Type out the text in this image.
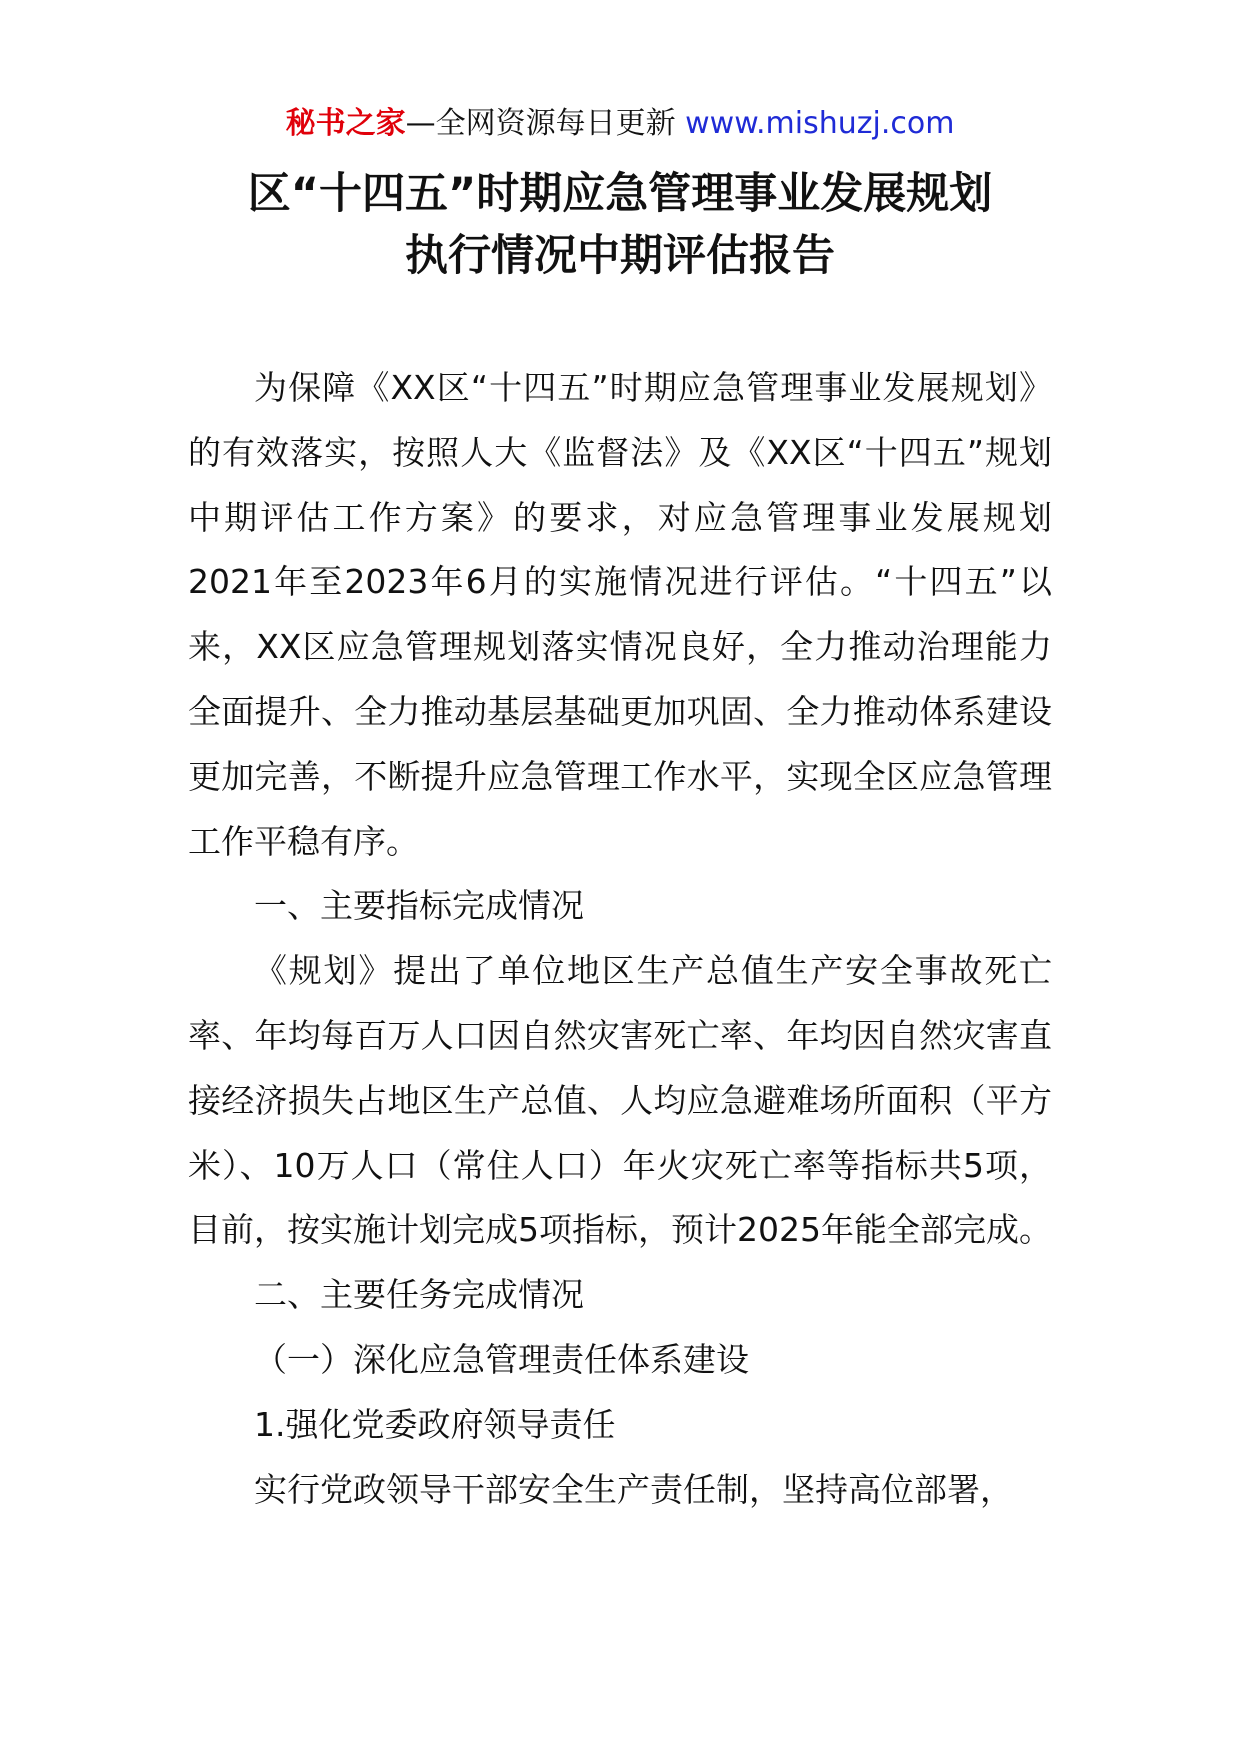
秘书之家—全网资源每日更新 www.mishuzj.com
区“十四五”时期应急管理事业发展规划
执行情况中期评估报告

为保障《XX区“十四五”时期应急管理事业发展规划》的有效落实，按照人大《监督法》及《XX区“十四五”规划中期评估工作方案》的要求，对应急管理事业发展规划2021年至2023年6月的实施情况进行评估。“十四五”以来，XX区应急管理规划落实情况良好，全力推动治理能力全面提升、全力推动基层基础更加巩固、全力推动体系建设更加完善，不断提升应急管理工作水平，实现全区应急管理工作平稳有序。

一、主要指标完成情况

《规划》提出了单位地区生产总值生产安全事故死亡率、年均每百万人口因自然灾害死亡率、年均因自然灾害直接经济损失占地区生产总值、人均应急避难场所面积（平方米）、10万人口（常住人口）年火灾死亡率等指标共5项，目前，按实施计划完成5项指标，预计2025年能全部完成。

二、主要任务完成情况

（一）深化应急管理责任体系建设

1.强化党委政府领导责任

实行党政领导干部安全生产责任制，坚持高位部署，
